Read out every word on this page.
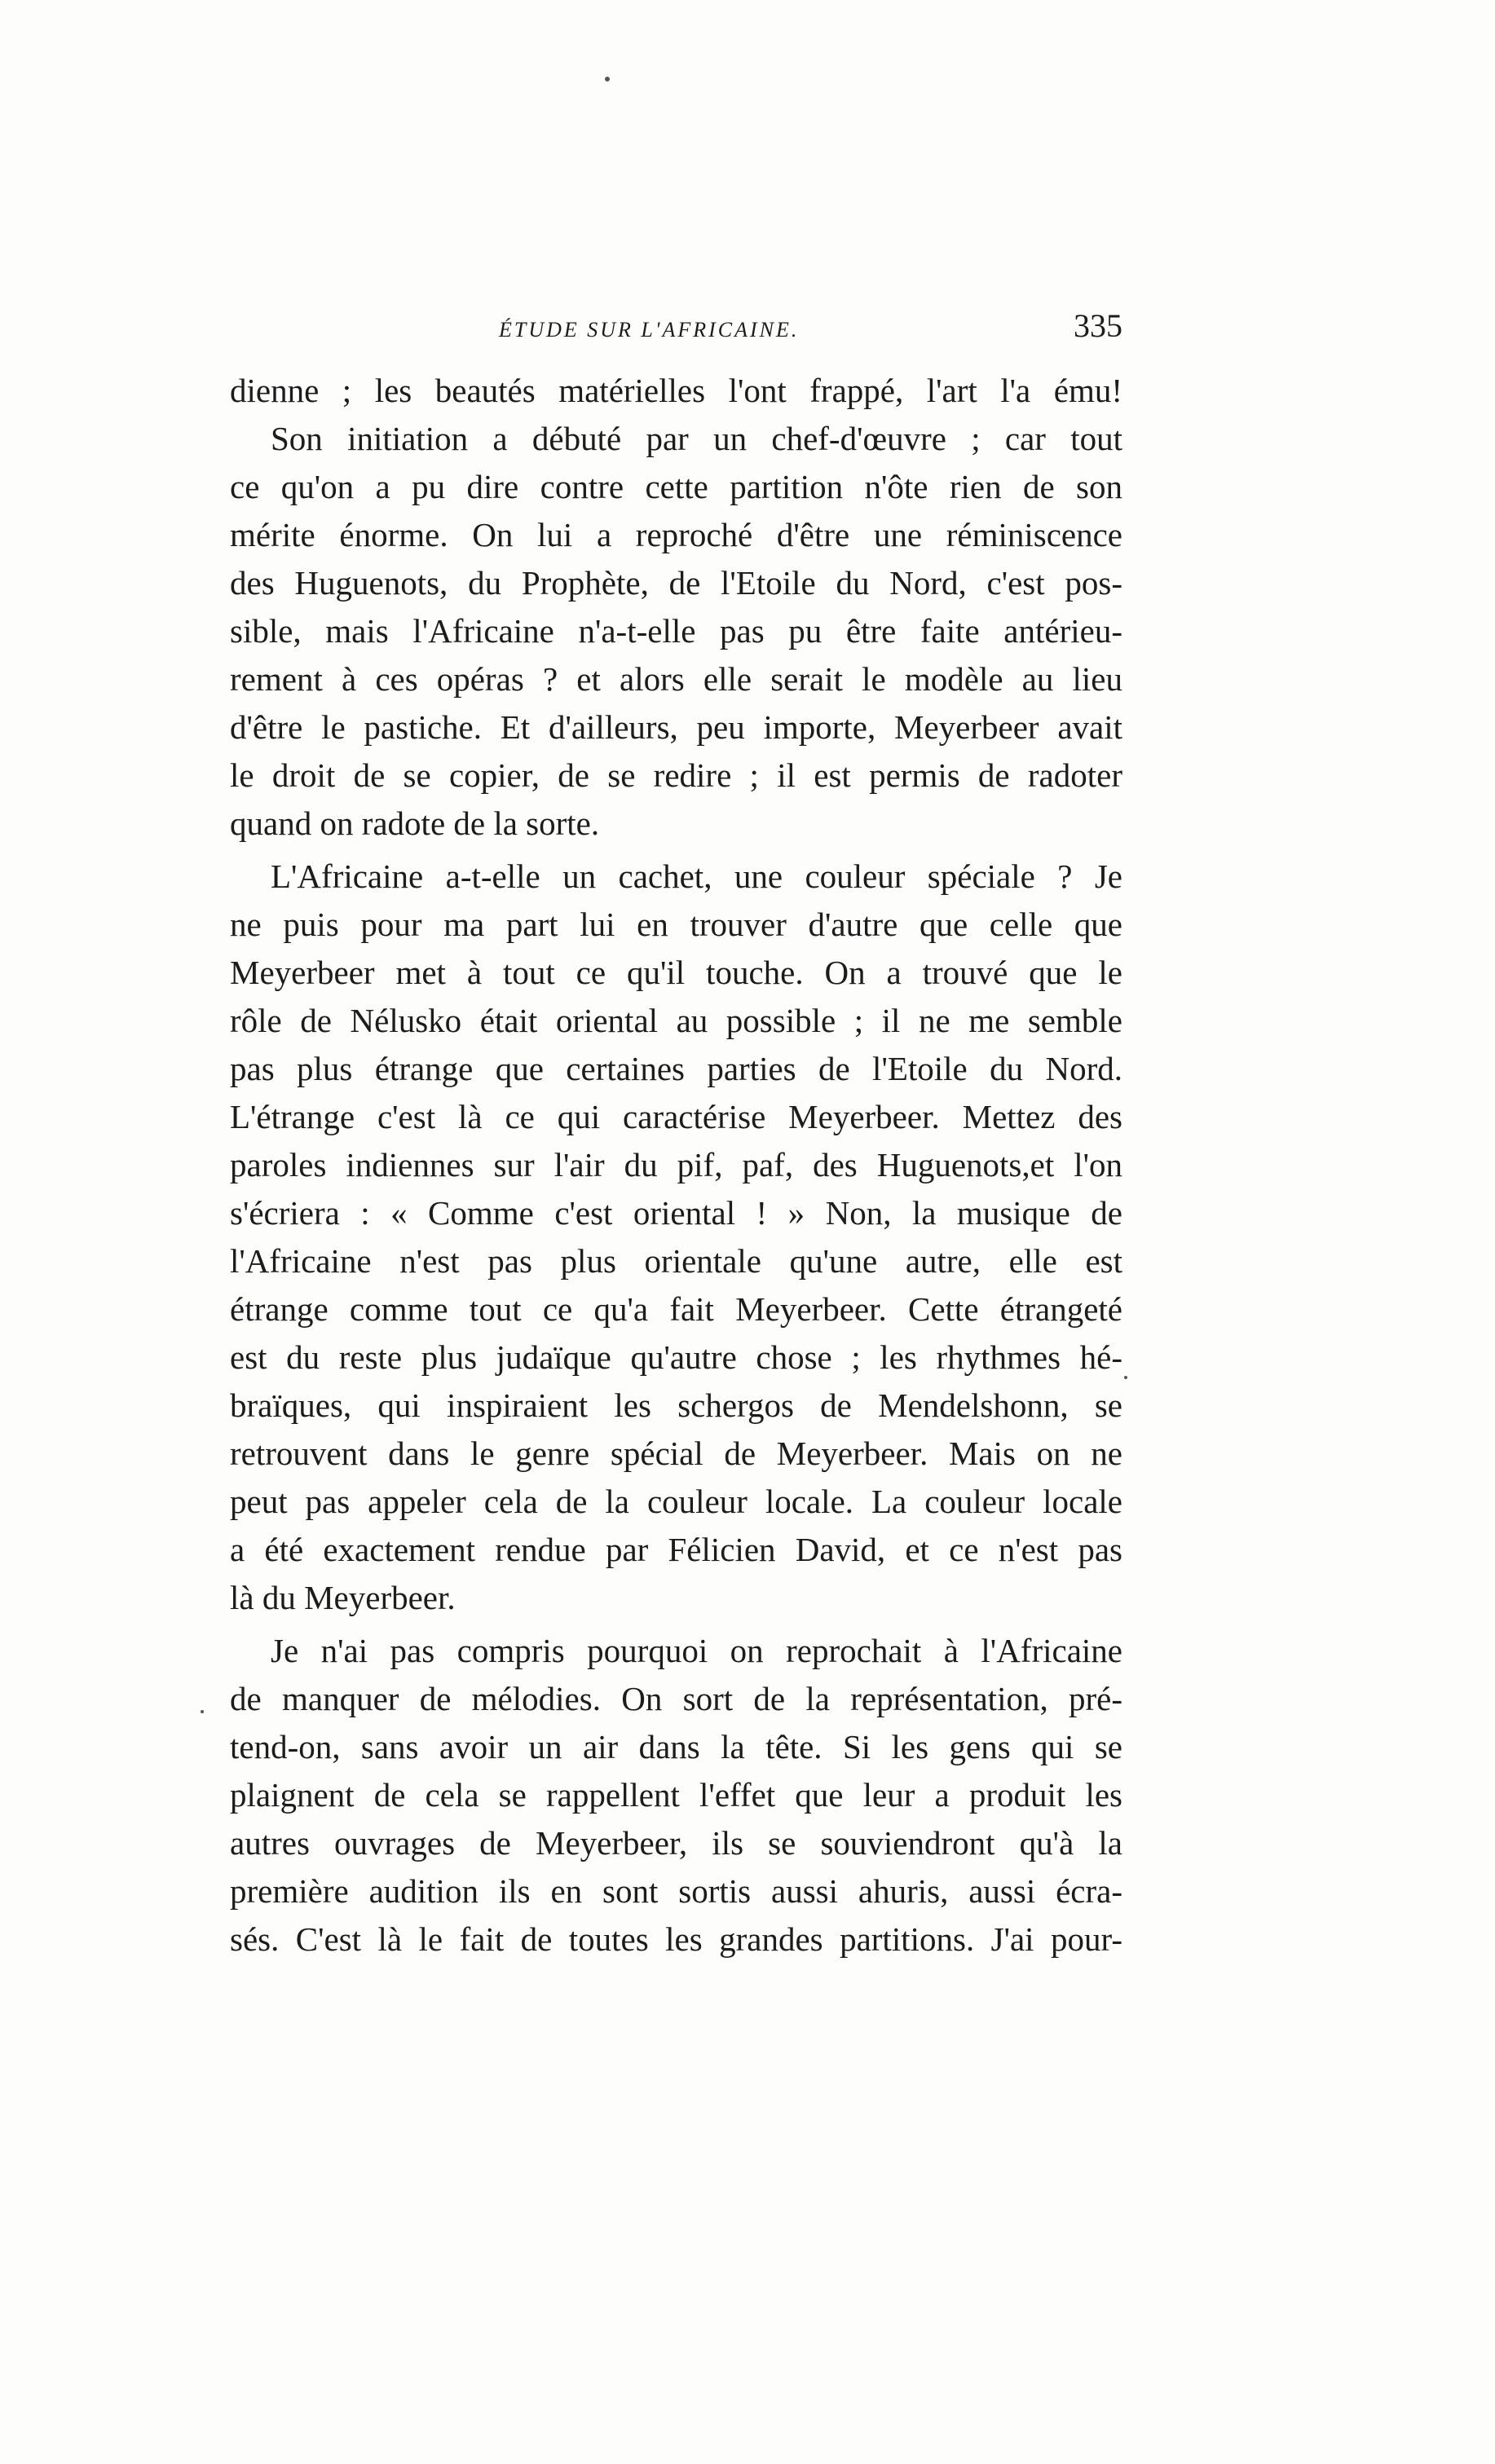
ÉTUDE SUR L'AFRICAINE.	335
dienne ; les beautés matérielles l'ont frappé, l'art l'a ému!
Son initiation a débuté par un chef-d'œuvre ; car tout
ce qu'on a pu dire contre cette partition n'ôte rien de son
mérite énorme. On lui a reproché d'être une réminiscence
des Huguenots, du Prophète, de l'Etoile du Nord, c'est pos-
sible, mais l'Africaine n'a-t-elle pas pu être faite antérieu-
rement à ces opéras ? et alors elle serait le modèle au lieu
d'être le pastiche. Et d'ailleurs, peu importe, Meyerbeer avait
le droit de se copier, de se redire ; il est permis de radoter
quand on radote de la sorte.
L'Africaine a-t-elle un cachet, une couleur spéciale ? Je
ne puis pour ma part lui en trouver d'autre que celle que
Meyerbeer met à tout ce qu'il touche. On a trouvé que le
rôle de Nélusko était oriental au possible ; il ne me semble
pas plus étrange que certaines parties de l'Etoile du Nord.
L'étrange c'est là ce qui caractérise Meyerbeer. Mettez des
paroles indiennes sur l'air du pif, paf, des Huguenots,et l'on
s'écriera : « Comme c'est oriental ! » Non, la musique de
l'Africaine n'est pas plus orientale qu'une autre, elle est
étrange comme tout ce qu'a fait Meyerbeer. Cette étrangeté
est du reste plus judaïque qu'autre chose ; les rhythmes hé-
braïques, qui inspiraient les schergos de Mendelshonn, se
retrouvent dans le genre spécial de Meyerbeer. Mais on ne
peut pas appeler cela de la couleur locale. La couleur locale
a été exactement rendue par Félicien David, et ce n'est pas
là du Meyerbeer.
Je n'ai pas compris pourquoi on reprochait à l'Africaine
de manquer de mélodies. On sort de la représentation, pré-
tend-on, sans avoir un air dans la tête. Si les gens qui se
plaignent de cela se rappellent l'effet que leur a produit les
autres ouvrages de Meyerbeer, ils se souviendront qu'à la
première audition ils en sont sortis aussi ahuris, aussi écra-
sés. C'est là le fait de toutes les grandes partitions. J'ai pour-
